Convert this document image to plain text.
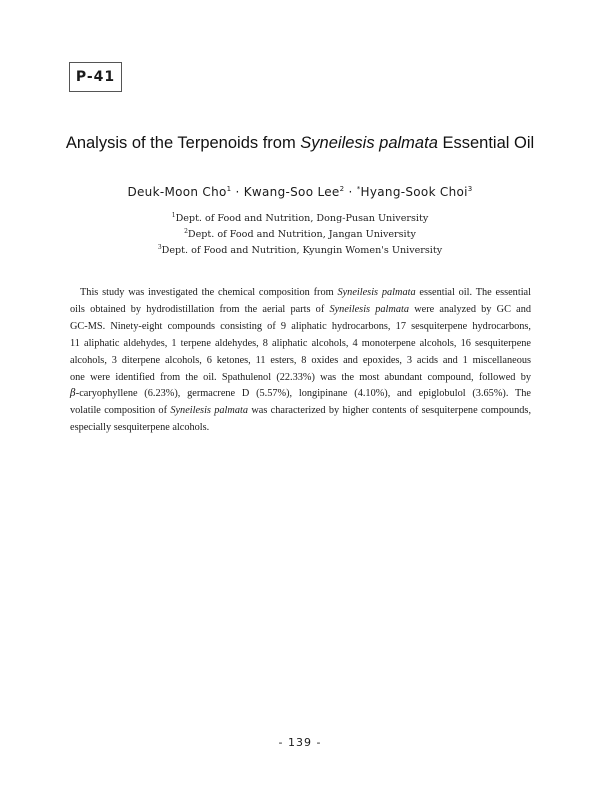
P-41
Analysis of the Terpenoids from Syneilesis palmata Essential Oil
Deuk-Moon Cho$^1$ · Kwang-Soo Lee$^2$ · *Hyang-Sook Choi$^3$
$^1$Dept. of Food and Nutrition, Dong-Pusan University
$^2$Dept. of Food and Nutrition, Jangan University
$^3$Dept. of Food and Nutrition, Kyungin Women's University
This study was investigated the chemical composition from Syneilesis palmata essential oil. The essential
oils obtained by hydrodistillation from the aerial parts of Syneilesis palmata were analyzed by GC and
GC-MS. Ninety-eight compounds consisting of 9 aliphatic hydrocarbons, 17 sesquiterpene hydrocarbons,
11 aliphatic aldehydes, 1 terpene aldehydes, 8 aliphatic alcohols, 4 monoterpene alcohols, 16 sesquiterpene
alcohols, 3 diterpene alcohols, 6 ketones, 11 esters, 8 oxides and epoxides, 3 acids and 1 miscellaneous
one were identified from the oil. Spathulenol (22.33%) was the most abundant compound, followed by
β-caryophyllene (6.23%), germacrene D (5.57%), longipinane (4.10%), and epiglobulol (3.65%). The
volatile composition of Syneilesis palmata was characterized by higher contents of sesquiterpene compounds,
especially sesquiterpene alcohols.
- 139 -
